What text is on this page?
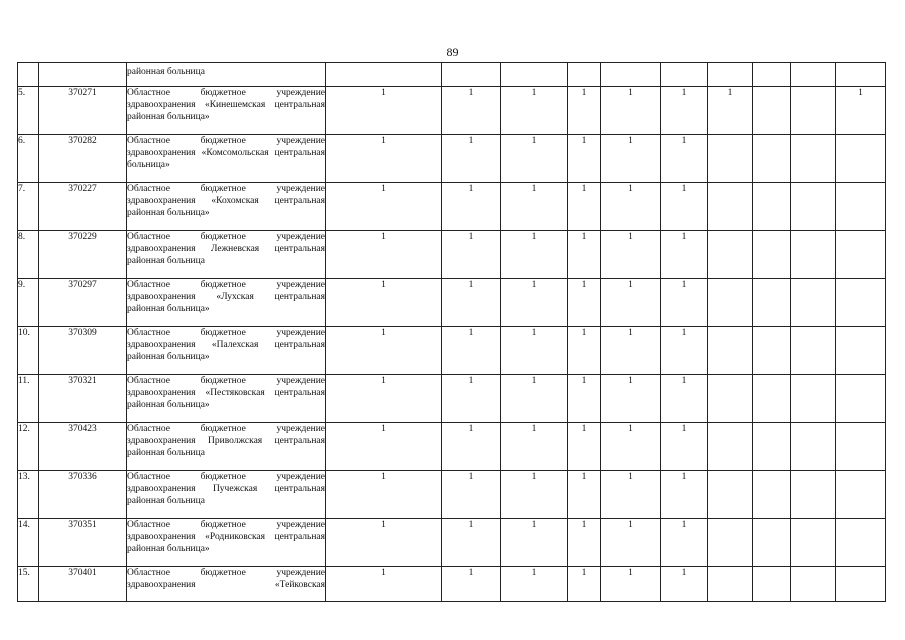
89
		районная больница										
5.	370271	Областное бюджетное учреждение здравоохранения «Кинешемская центральная районная больница»	1	1	1	1	1	1	1			1
6.	370282	Областное бюджетное учреждение здравоохранения «Комсомольская центральная больница»	1	1	1	1	1	1				
7.	370227	Областное бюджетное учреждение здравоохранения «Кохомская центральная районная больница»	1	1	1	1	1	1				
8.	370229	Областное бюджетное учреждение здравоохранения Лежневская центральная районная больница	1	1	1	1	1	1				
9.	370297	Областное бюджетное учреждение здравоохранения «Лухская центральная районная больница»	1	1	1	1	1	1				
10.	370309	Областное бюджетное учреждение здравоохранения «Палехская центральная районная больница»	1	1	1	1	1	1				
11.	370321	Областное бюджетное учреждение здравоохранения «Пестяковская центральная районная больница»	1	1	1	1	1	1				
12.	370423	Областное бюджетное учреждение здравоохранения Приволжская центральная районная больница	1	1	1	1	1	1				
13.	370336	Областное бюджетное учреждение здравоохранения Пучежская центральная районная больница	1	1	1	1	1	1				
14.	370351	Областное бюджетное учреждение здравоохранения «Родниковская центральная районная больница»	1	1	1	1	1	1				
15.	370401	Областное бюджетное учреждение здравоохранения «Тейковская	1	1	1	1	1	1				
